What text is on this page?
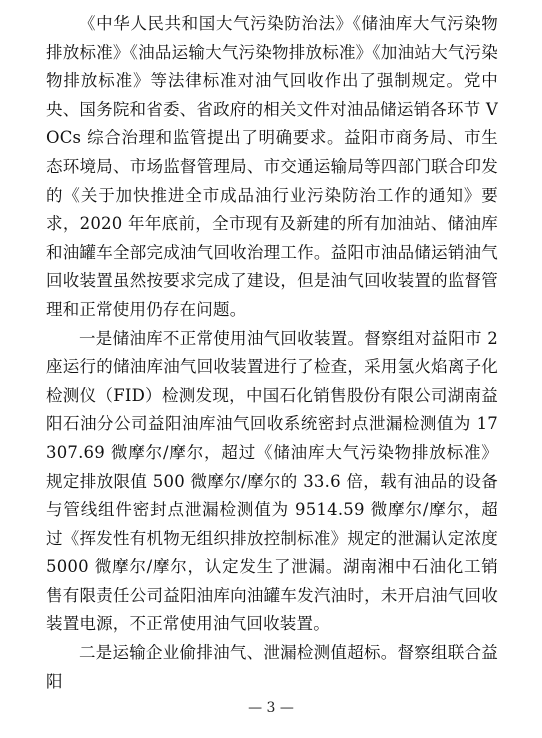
《中华人民共和国大气污染防治法》《储油库大气污染物排放标准》《油品运输大气污染物排放标准》《加油站大气污染物排放标准》等法律标准对油气回收作出了强制规定。党中央、国务院和省委、省政府的相关文件对油品储运销各环节 VOCs 综合治理和监管提出了明确要求。益阳市商务局、市生态环境局、市场监督管理局、市交通运输局等四部门联合印发的《关于加快推进全市成品油行业污染防治工作的通知》要求，2020 年年底前，全市现有及新建的所有加油站、储油库和油罐车全部完成油气回收治理工作。益阳市油品储运销油气回收装置虽然按要求完成了建设，但是油气回收装置的监督管理和正常使用仍存在问题。

一是储油库不正常使用油气回收装置。督察组对益阳市 2 座运行的储油库油气回收装置进行了检查，采用氢火焰离子化检测仪（FID）检测发现，中国石化销售股份有限公司湖南益阳石油分公司益阳油库油气回收系统密封点泄漏检测值为 17307.69 微摩尔/摩尔，超过《储油库大气污染物排放标准》规定排放限值 500 微摩尔/摩尔的 33.6 倍，载有油品的设备与管线组件密封点泄漏检测值为 9514.59 微摩尔/摩尔，超过《挥发性有机物无组织排放控制标准》规定的泄漏认定浓度 5000 微摩尔/摩尔，认定发生了泄漏。湖南湘中石油化工销售有限责任公司益阳油库向油罐车发汽油时，未开启油气回收装置电源，不正常使用油气回收装置。

二是运输企业偷排油气、泄漏检测值超标。督察组联合益阳

— 3 —
